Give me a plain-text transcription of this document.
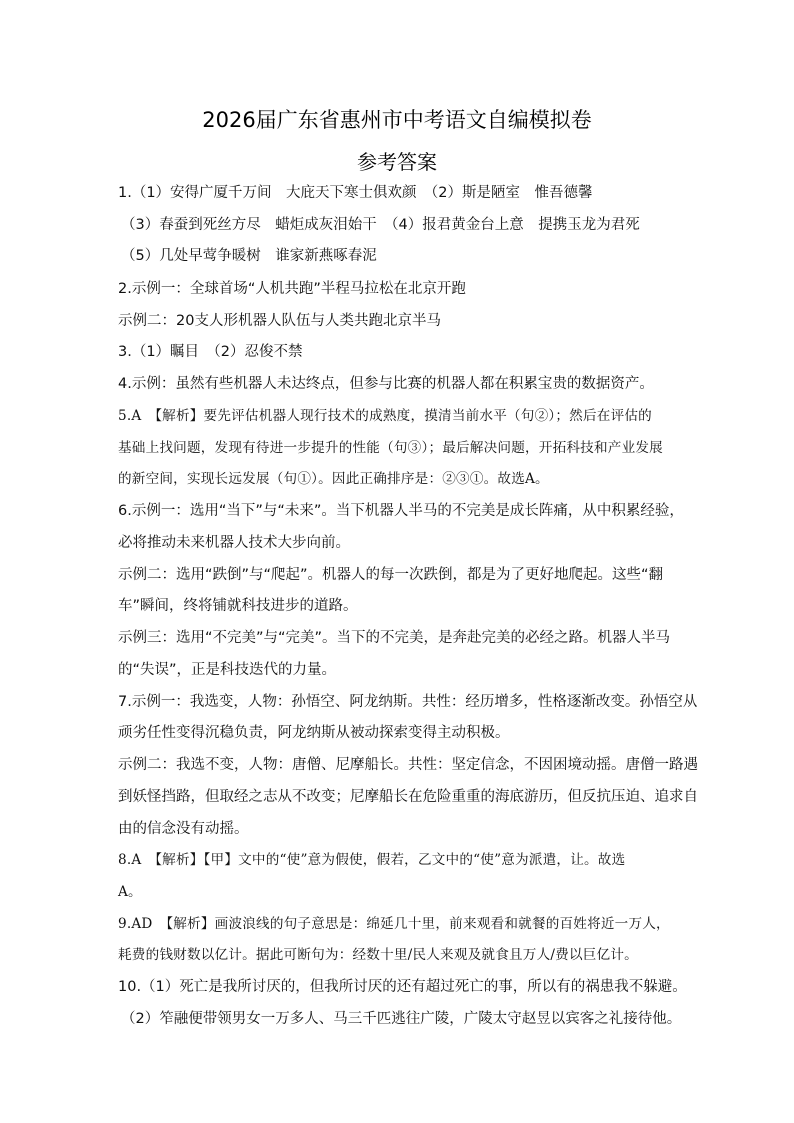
2026届广东省惠州市中考语文自编模拟卷
参考答案
1.（1）安得广厦千万间　大庇天下寒士俱欢颜　（2）斯是陋室　惟吾德馨
（3）春蚕到死丝方尽　蜡炬成灰泪始干　（4）报君黄金台上意　提携玉龙为君死
（5）几处早莺争暖树　谁家新燕啄春泥
2.示例一：全球首场“人机共跑”半程马拉松在北京开跑
示例二：20支人形机器人队伍与人类共跑北京半马
3.（1）瞩目　（2）忍俊不禁
4.示例：虽然有些机器人未达终点，但参与比赛的机器人都在积累宝贵的数据资产。
5.A　【解析】要先评估机器人现行技术的成熟度，摸清当前水平（句②）；然后在评估的
基础上找问题，发现有待进一步提升的性能（句③）；最后解决问题，开拓科技和产业发展
的新空间，实现长远发展（句①）。因此正确排序是：②③①。故选A。
6.示例一：选用“当下”与“未来”。当下机器人半马的不完美是成长阵痛，从中积累经验，
必将推动未来机器人技术大步向前。
示例二：选用“跌倒”与“爬起”。机器人的每一次跌倒，都是为了更好地爬起。这些“翻
车”瞬间，终将铺就科技进步的道路。
示例三：选用“不完美”与“完美”。当下的不完美，是奔赴完美的必经之路。机器人半马
的“失误”，正是科技迭代的力量。
7.示例一：我选变，人物：孙悟空、阿龙纳斯。共性：经历增多，性格逐渐改变。孙悟空从
顽劣任性变得沉稳负责，阿龙纳斯从被动探索变得主动积极。
示例二：我选不变，人物：唐僧、尼摩船长。共性：坚定信念，不因困境动摇。唐僧一路遇
到妖怪挡路，但取经之志从不改变；尼摩船长在危险重重的海底游历，但反抗压迫、追求自
由的信念没有动摇。
8.A　【解析】【甲】文中的“使”意为假使，假若，乙文中的“使”意为派遣，让。故选
A。
9.AD　【解析】画波浪线的句子意思是：绵延几十里，前来观看和就餐的百姓将近一万人，
耗费的钱财数以亿计。据此可断句为：经数十里/民人来观及就食且万人/费以巨亿计。
10.（1）死亡是我所讨厌的，但我所讨厌的还有超过死亡的事，所以有的祸患我不躲避。
（2）笮融便带领男女一万多人、马三千匹逃往广陵，广陵太守赵昱以宾客之礼接待他。
